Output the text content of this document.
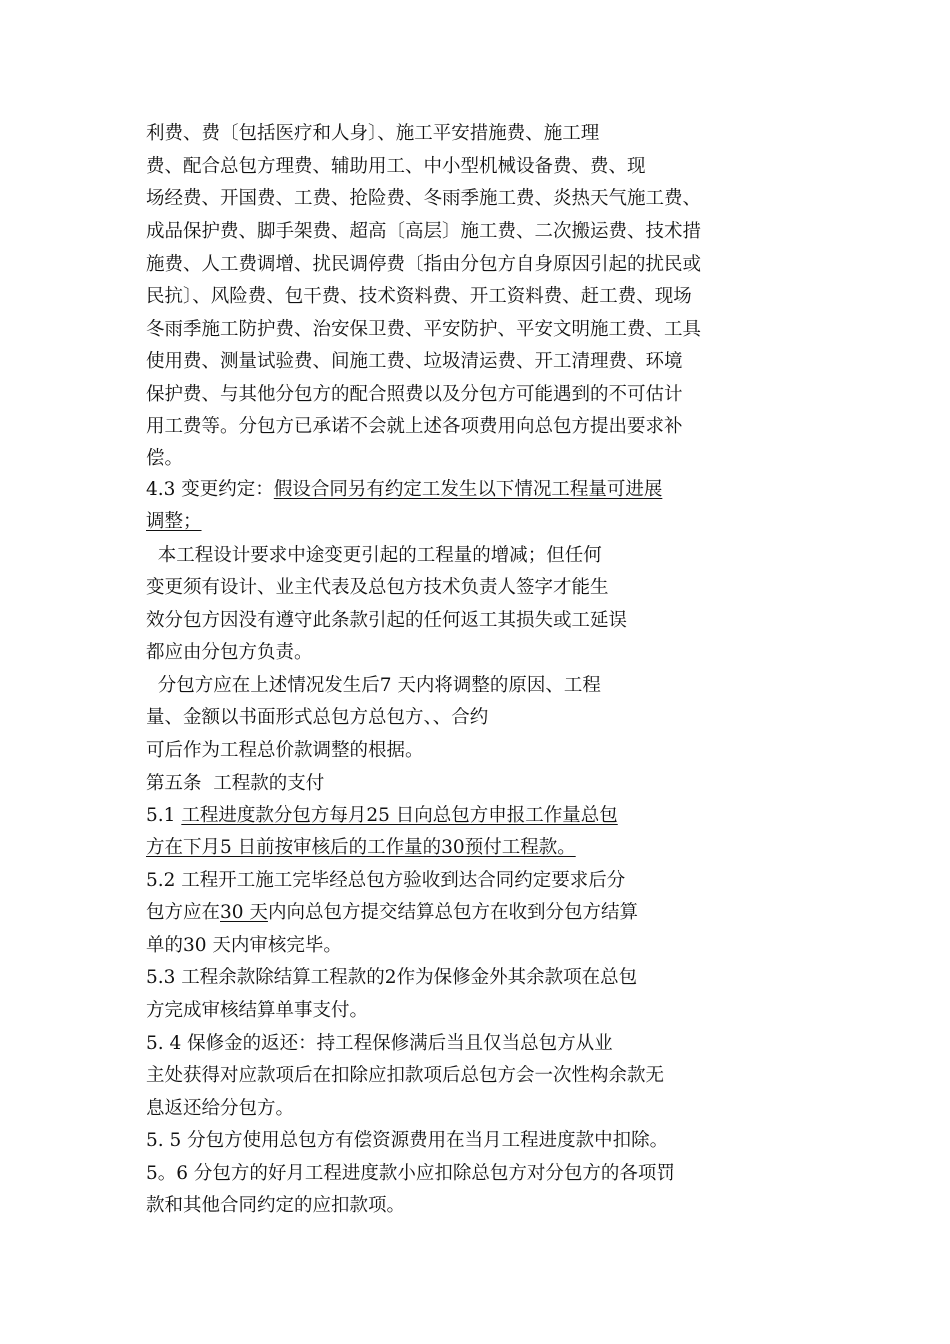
利费、费〔包括医疗和人身〕、施工平安措施费、施工理

费、配合总包方理费、辅助用工、中小型机械设备费、费、现

场经费、开国费、工费、抢险费、冬雨季施工费、炎热天气施工费、

成品保护费、脚手架费、超高〔高层〕施工费、二次搬运费、技术措

施费、人工费调增、扰民调停费〔指由分包方自身原因引起的扰民或

民抗〕、风险费、包干费、技术资料费、开工资料费、赶工费、现场

冬雨季施工防护费、治安保卫费、平安防护、平安文明施工费、工具

使用费、测量试验费、间施工费、垃圾清运费、开工清理费、环境

保护费、与其他分包方的配合照费以及分包方可能遇到的不可估计

用工费等。分包方已承诺不会就上述各项费用向总包方提出要求补

偿。

4.3 变更约定：假设合同另有约定工发生以下情况工程量可进展

调整；

本工程设计要求中途变更引起的工程量的增减；但任何

变更须有设计、业主代表及总包方技术负责人签字才能生

效分包方因没有遵守此条款引起的任何返工其损失或工延误

都应由分包方负责。

分包方应在上述情况发生后7 天内将调整的原因、工程

量、金额以书面形式总包方总包方、、合约

可后作为工程总价款调整的根据。

第五条  工程款的支付

5.1 工程进度款分包方每月25 日向总包方申报工作量总包

方在下月5 日前按审核后的工作量的30预付工程款。

5.2 工程开工施工完毕经总包方验收到达合同约定要求后分

包方应在30 天内向总包方提交结算总包方在收到分包方结算

单的30 天内审核完毕。

5.3 工程余款除结算工程款的2作为保修金外其余款项在总包

方完成审核结算单事支付。

5. 4 保修金的返还：持工程保修满后当且仅当总包方从业

主处获得对应款项后在扣除应扣款项后总包方会一次性构余款无

息返还给分包方。

5. 5 分包方使用总包方有偿资源费用在当月工程进度款中扣除。

5。6 分包方的好月工程进度款小应扣除总包方对分包方的各项罚

款和其他合同约定的应扣款项。
